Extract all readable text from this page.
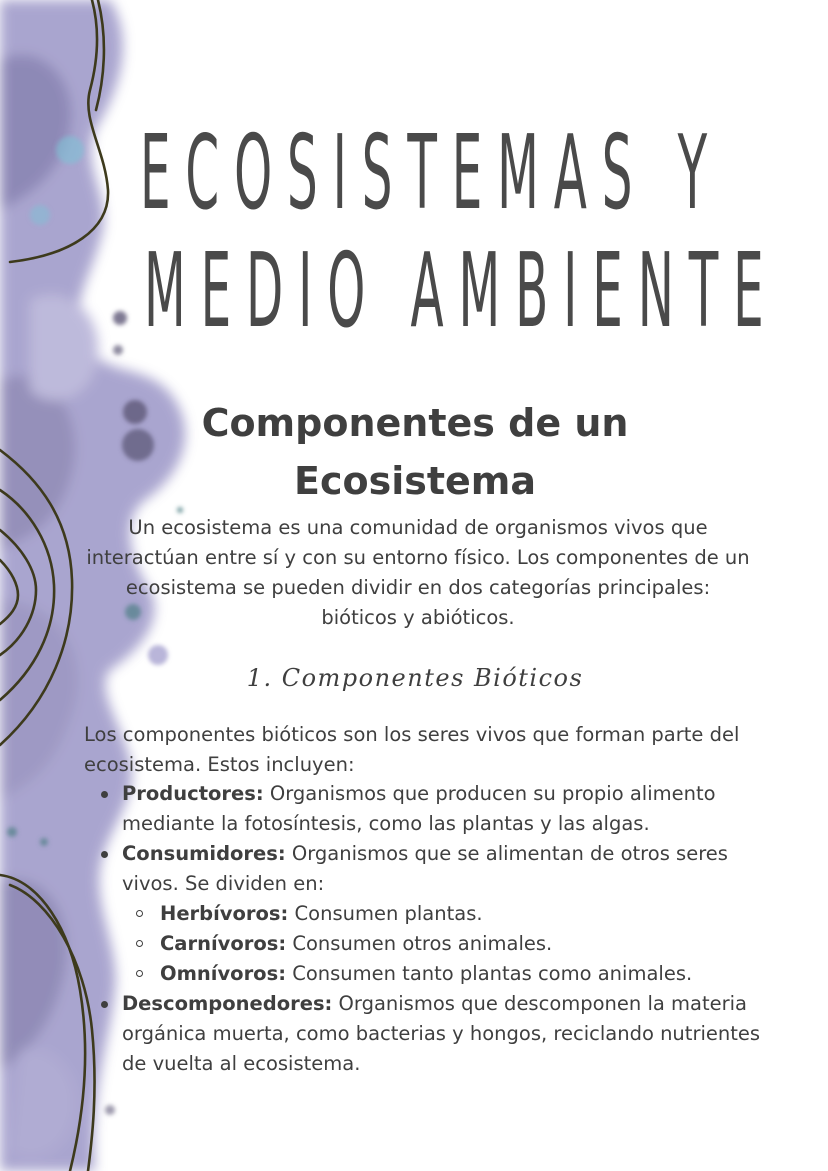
ECOSISTEMAS Y
MEDIO AMBIENTE
Componentes de un Ecosistema

Un ecosistema es una comunidad de organismos vivos que interactúan entre sí y con su entorno físico. Los componentes de un ecosistema se pueden dividir en dos categorías principales: bióticos y abióticos.

1. Componentes Bióticos

Los componentes bióticos son los seres vivos que forman parte del ecosistema. Estos incluyen:

Productores: Organismos que producen su propio alimento mediante la fotosíntesis, como las plantas y las algas.
Consumidores: Organismos que se alimentan de otros seres vivos. Se dividen en:
Herbívoros: Consumen plantas.
Carnívoros: Consumen otros animales.
Omnívoros: Consumen tanto plantas como animales.
Descomponedores: Organismos que descomponen la materia orgánica muerta, como bacterias y hongos, reciclando nutrientes de vuelta al ecosistema.
